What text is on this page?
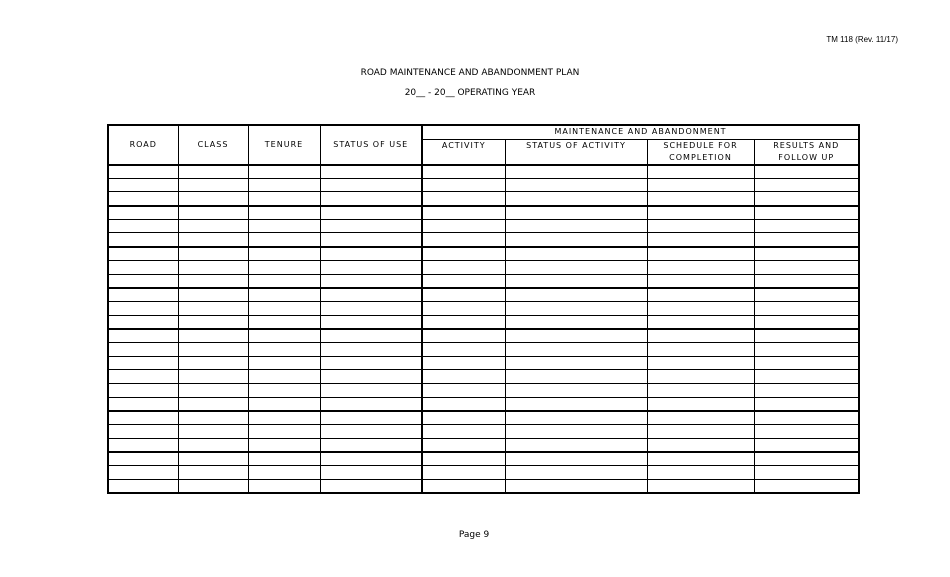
TM 118 (Rev. 11/17)
ROAD MAINTENANCE AND ABANDONMENT PLAN
20__ - 20__ OPERATING YEAR
ROAD	CLASS	TENURE	STATUS OF USE	MAINTENANCE AND ABANDONMENT			
				ACTIVITY	STATUS OF ACTIVITY	SCHEDULE FOR COMPLETION	RESULTS AND FOLLOW UP

Page 9
